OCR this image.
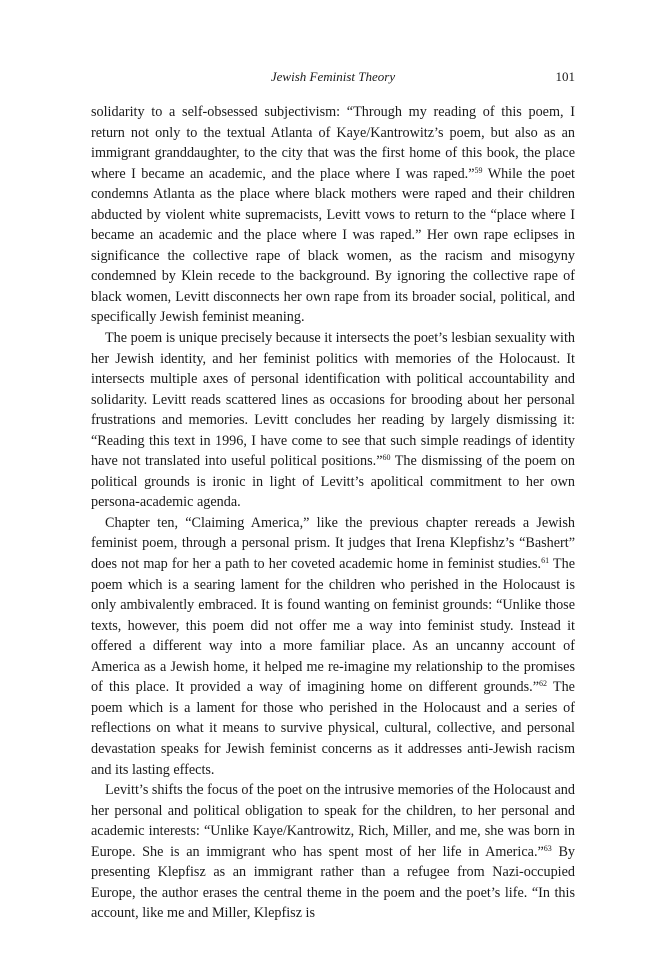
Jewish Feminist Theory	101

solidarity to a self-obsessed subjectivism: “Through my reading of this poem, I return not only to the textual Atlanta of Kaye/Kantrowitz’s poem, but also as an immigrant granddaughter, to the city that was the first home of this book, the place where I became an academic, and the place where I was raped.”$^{59}$ While the poet condemns Atlanta as the place where black mothers were raped and their children abducted by violent white supremacists, Levitt vows to return to the “place where I became an academic and the place where I was raped.” Her own rape eclipses in significance the collective rape of black women, as the racism and misogyny condemned by Klein recede to the background. By ignoring the collective rape of black women, Levitt disconnects her own rape from its broader social, political, and specifically Jewish feminist meaning.

The poem is unique precisely because it intersects the poet’s lesbian sexuality with her Jewish identity, and her feminist politics with memories of the Holocaust. It intersects multiple axes of personal identification with political accountability and solidarity. Levitt reads scattered lines as occasions for brooding about her personal frustrations and memories. Levitt concludes her reading by largely dismissing it: “Reading this text in 1996, I have come to see that such simple readings of identity have not translated into useful political positions.”$^{60}$ The dismissing of the poem on political grounds is ironic in light of Levitt’s apolitical commitment to her own persona-academic agenda.

Chapter ten, “Claiming America,” like the previous chapter rereads a Jewish feminist poem, through a personal prism. It judges that Irena Klepfishz’s “Bashert” does not map for her a path to her coveted academic home in feminist studies.$^{61}$ The poem which is a searing lament for the children who perished in the Holocaust is only ambivalently embraced. It is found wanting on feminist grounds: “Unlike those texts, however, this poem did not offer me a way into feminist study. Instead it offered a different way into a more familiar place. As an uncanny account of America as a Jewish home, it helped me re-imagine my relationship to the promises of this place. It provided a way of imagining home on different grounds.”$^{62}$ The poem which is a lament for those who perished in the Holocaust and a series of reflections on what it means to survive physical, cultural, collective, and personal devastation speaks for Jewish feminist concerns as it addresses anti-Jewish racism and its lasting effects.

Levitt’s shifts the focus of the poet on the intrusive memories of the Holocaust and her personal and political obligation to speak for the children, to her personal and academic interests: “Unlike Kaye/Kantrowitz, Rich, Miller, and me, she was born in Europe. She is an immigrant who has spent most of her life in America.”$^{63}$ By presenting Klepfisz as an immigrant rather than a refugee from Nazi-occupied Europe, the author erases the central theme in the poem and the poet’s life. “In this account, like me and Miller, Klepfisz is
